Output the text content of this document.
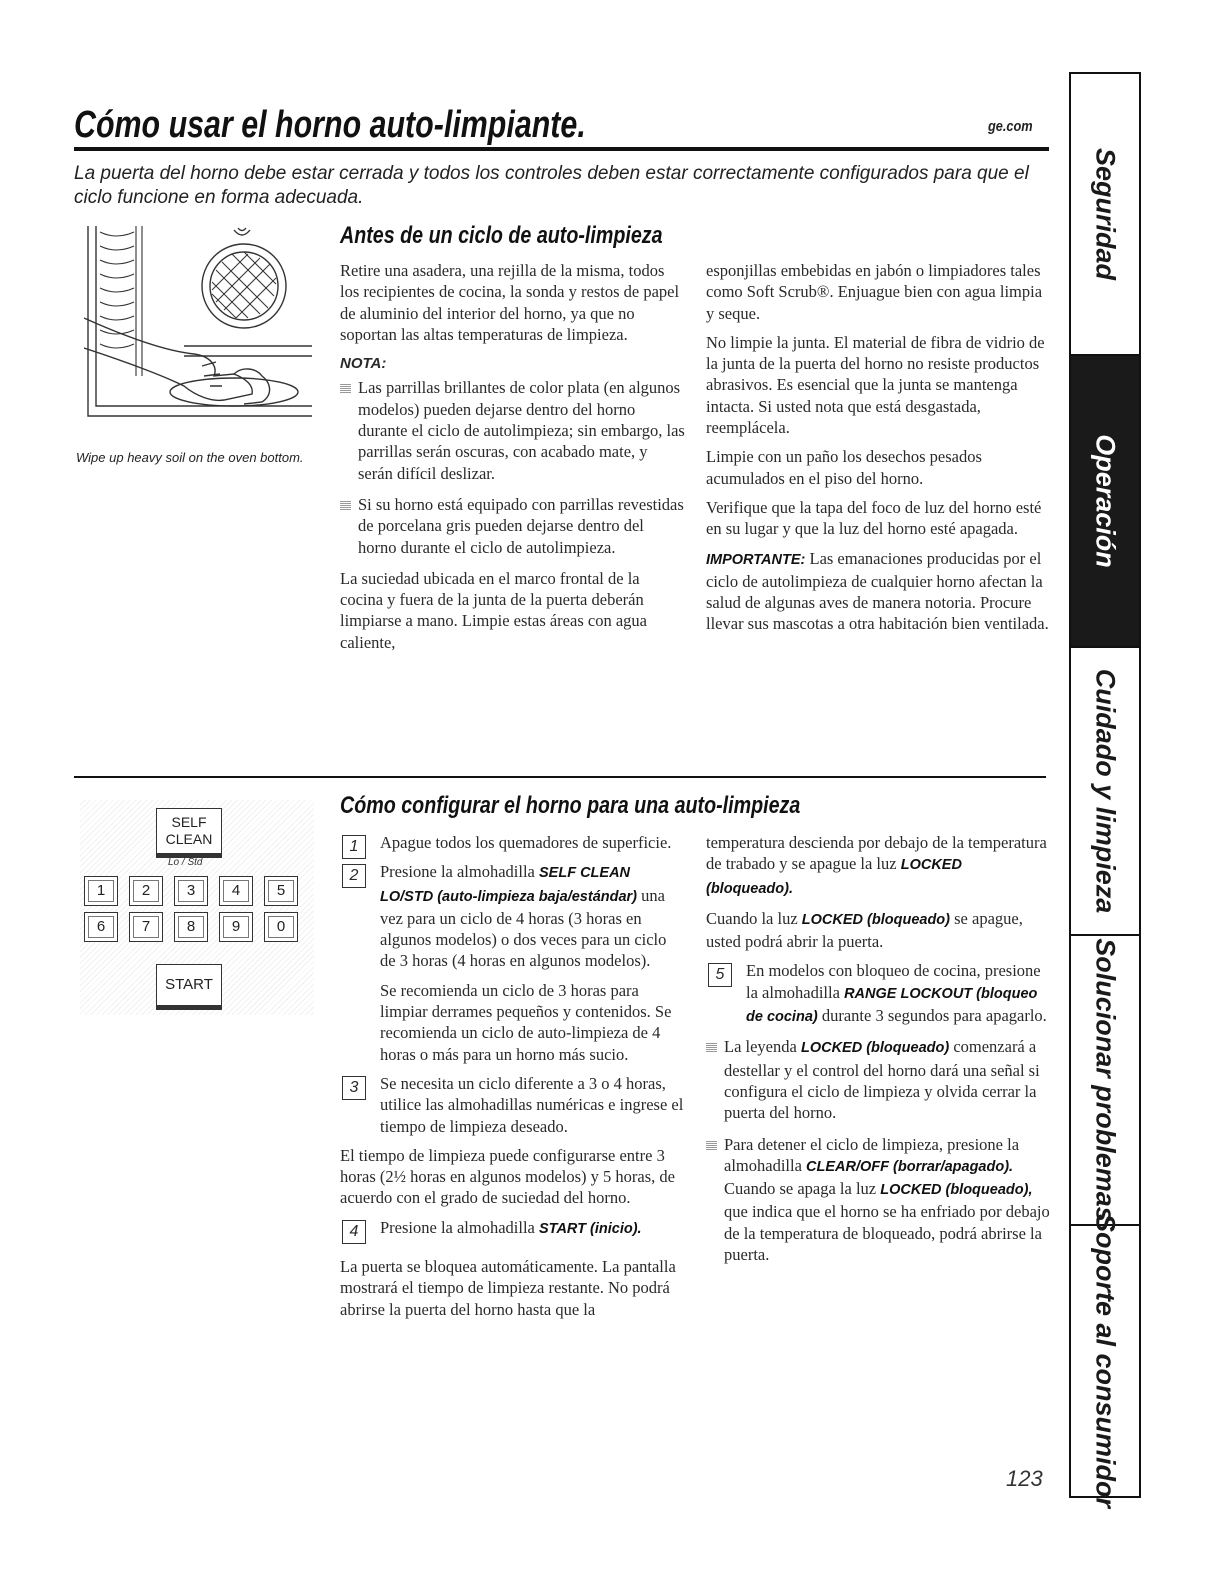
Cómo usar el horno auto-limpiante.	ge.com
La puerta del horno debe estar cerrada y todos los controles deben estar correctamente configurados para que el ciclo funcione en forma adecuada.
Wipe up heavy soil on the oven bottom.
Antes de un ciclo de auto-limpieza

Retire una asadera, una rejilla de la misma, todos los recipientes de cocina, la sonda y restos de papel de aluminio del interior del horno, ya que no soportan las altas temperaturas de limpieza.

NOTA:
Las parrillas brillantes de color plata (en algunos modelos) pueden dejarse dentro del horno durante el ciclo de autolimpieza; sin embargo, las parrillas serán oscuras, con acabado mate, y serán difícil deslizar.
Si su horno está equipado con parrillas revestidas de porcelana gris pueden dejarse dentro del horno durante el ciclo de autolimpieza.

La suciedad ubicada en el marco frontal de la cocina y fuera de la junta de la puerta deberán limpiarse a mano. Limpie estas áreas con agua caliente,

esponjillas embebidas en jabón o limpiadores tales como Soft Scrub®. Enjuague bien con agua limpia y seque.

No limpie la junta. El material de fibra de vidrio de la junta de la puerta del horno no resiste productos abrasivos. Es esencial que la junta se mantenga intacta. Si usted nota que está desgastada, reemplácela.

Limpie con un paño los desechos pesados acumulados en el piso del horno.

Verifique que la tapa del foco de luz del horno esté en su lugar y que la luz del horno esté apagada.

IMPORTANTE: Las emanaciones producidas por el ciclo de autolimpieza de cualquier horno afectan la salud de algunas aves de manera notoria. Procure llevar sus mascotas a otra habitación bien ventilada.

SELF
CLEAN
Lo / Std
1	2	3	4	5
6	7	8	9	0
START
Cómo configurar el horno para una auto-limpieza
1	Apague todos los quemadores de superficie.
2	Presione la almohadilla SELF CLEAN LO/STD (auto-limpieza baja/estándar) una vez para un ciclo de 4 horas (3 horas en algunos modelos) o dos veces para un ciclo de 3 horas (4 horas en algunos modelos).
Se recomienda un ciclo de 3 horas para limpiar derrames pequeños y contenidos. Se recomienda un ciclo de auto-limpieza de 4 horas o más para un horno más sucio.
3	Se necesita un ciclo diferente a 3 o 4 horas, utilice las almohadillas numéricas e ingrese el tiempo de limpieza deseado.

El tiempo de limpieza puede configurarse entre 3 horas (2½ horas en algunos modelos) y 5 horas, de acuerdo con el grado de suciedad del horno.

4	Presione la almohadilla START (inicio).

La puerta se bloquea automáticamente. La pantalla mostrará el tiempo de limpieza restante. No podrá abrirse la puerta del horno hasta que la

temperatura descienda por debajo de la temperatura de trabado y se apague la luz LOCKED (bloqueado).

Cuando la luz LOCKED (bloqueado) se apague, usted podrá abrir la puerta.

5	En modelos con bloqueo de cocina, presione la almohadilla RANGE LOCKOUT (bloqueo de cocina) durante 3 segundos para apagarlo.
La leyenda LOCKED (bloqueado) comenzará a destellar y el control del horno dará una señal si configura el ciclo de limpieza y olvida cerrar la puerta del horno.
Para detener el ciclo de limpieza, presione la almohadilla CLEAR/OFF (borrar/apagado). Cuando se apaga la luz LOCKED (bloqueado), que indica que el horno se ha enfriado por debajo de la temperatura de bloqueado, podrá abrirse la puerta.
123
Seguridad
Operación
Cuidado y limpieza
Solucionar problemas
Soporte al consumidor
